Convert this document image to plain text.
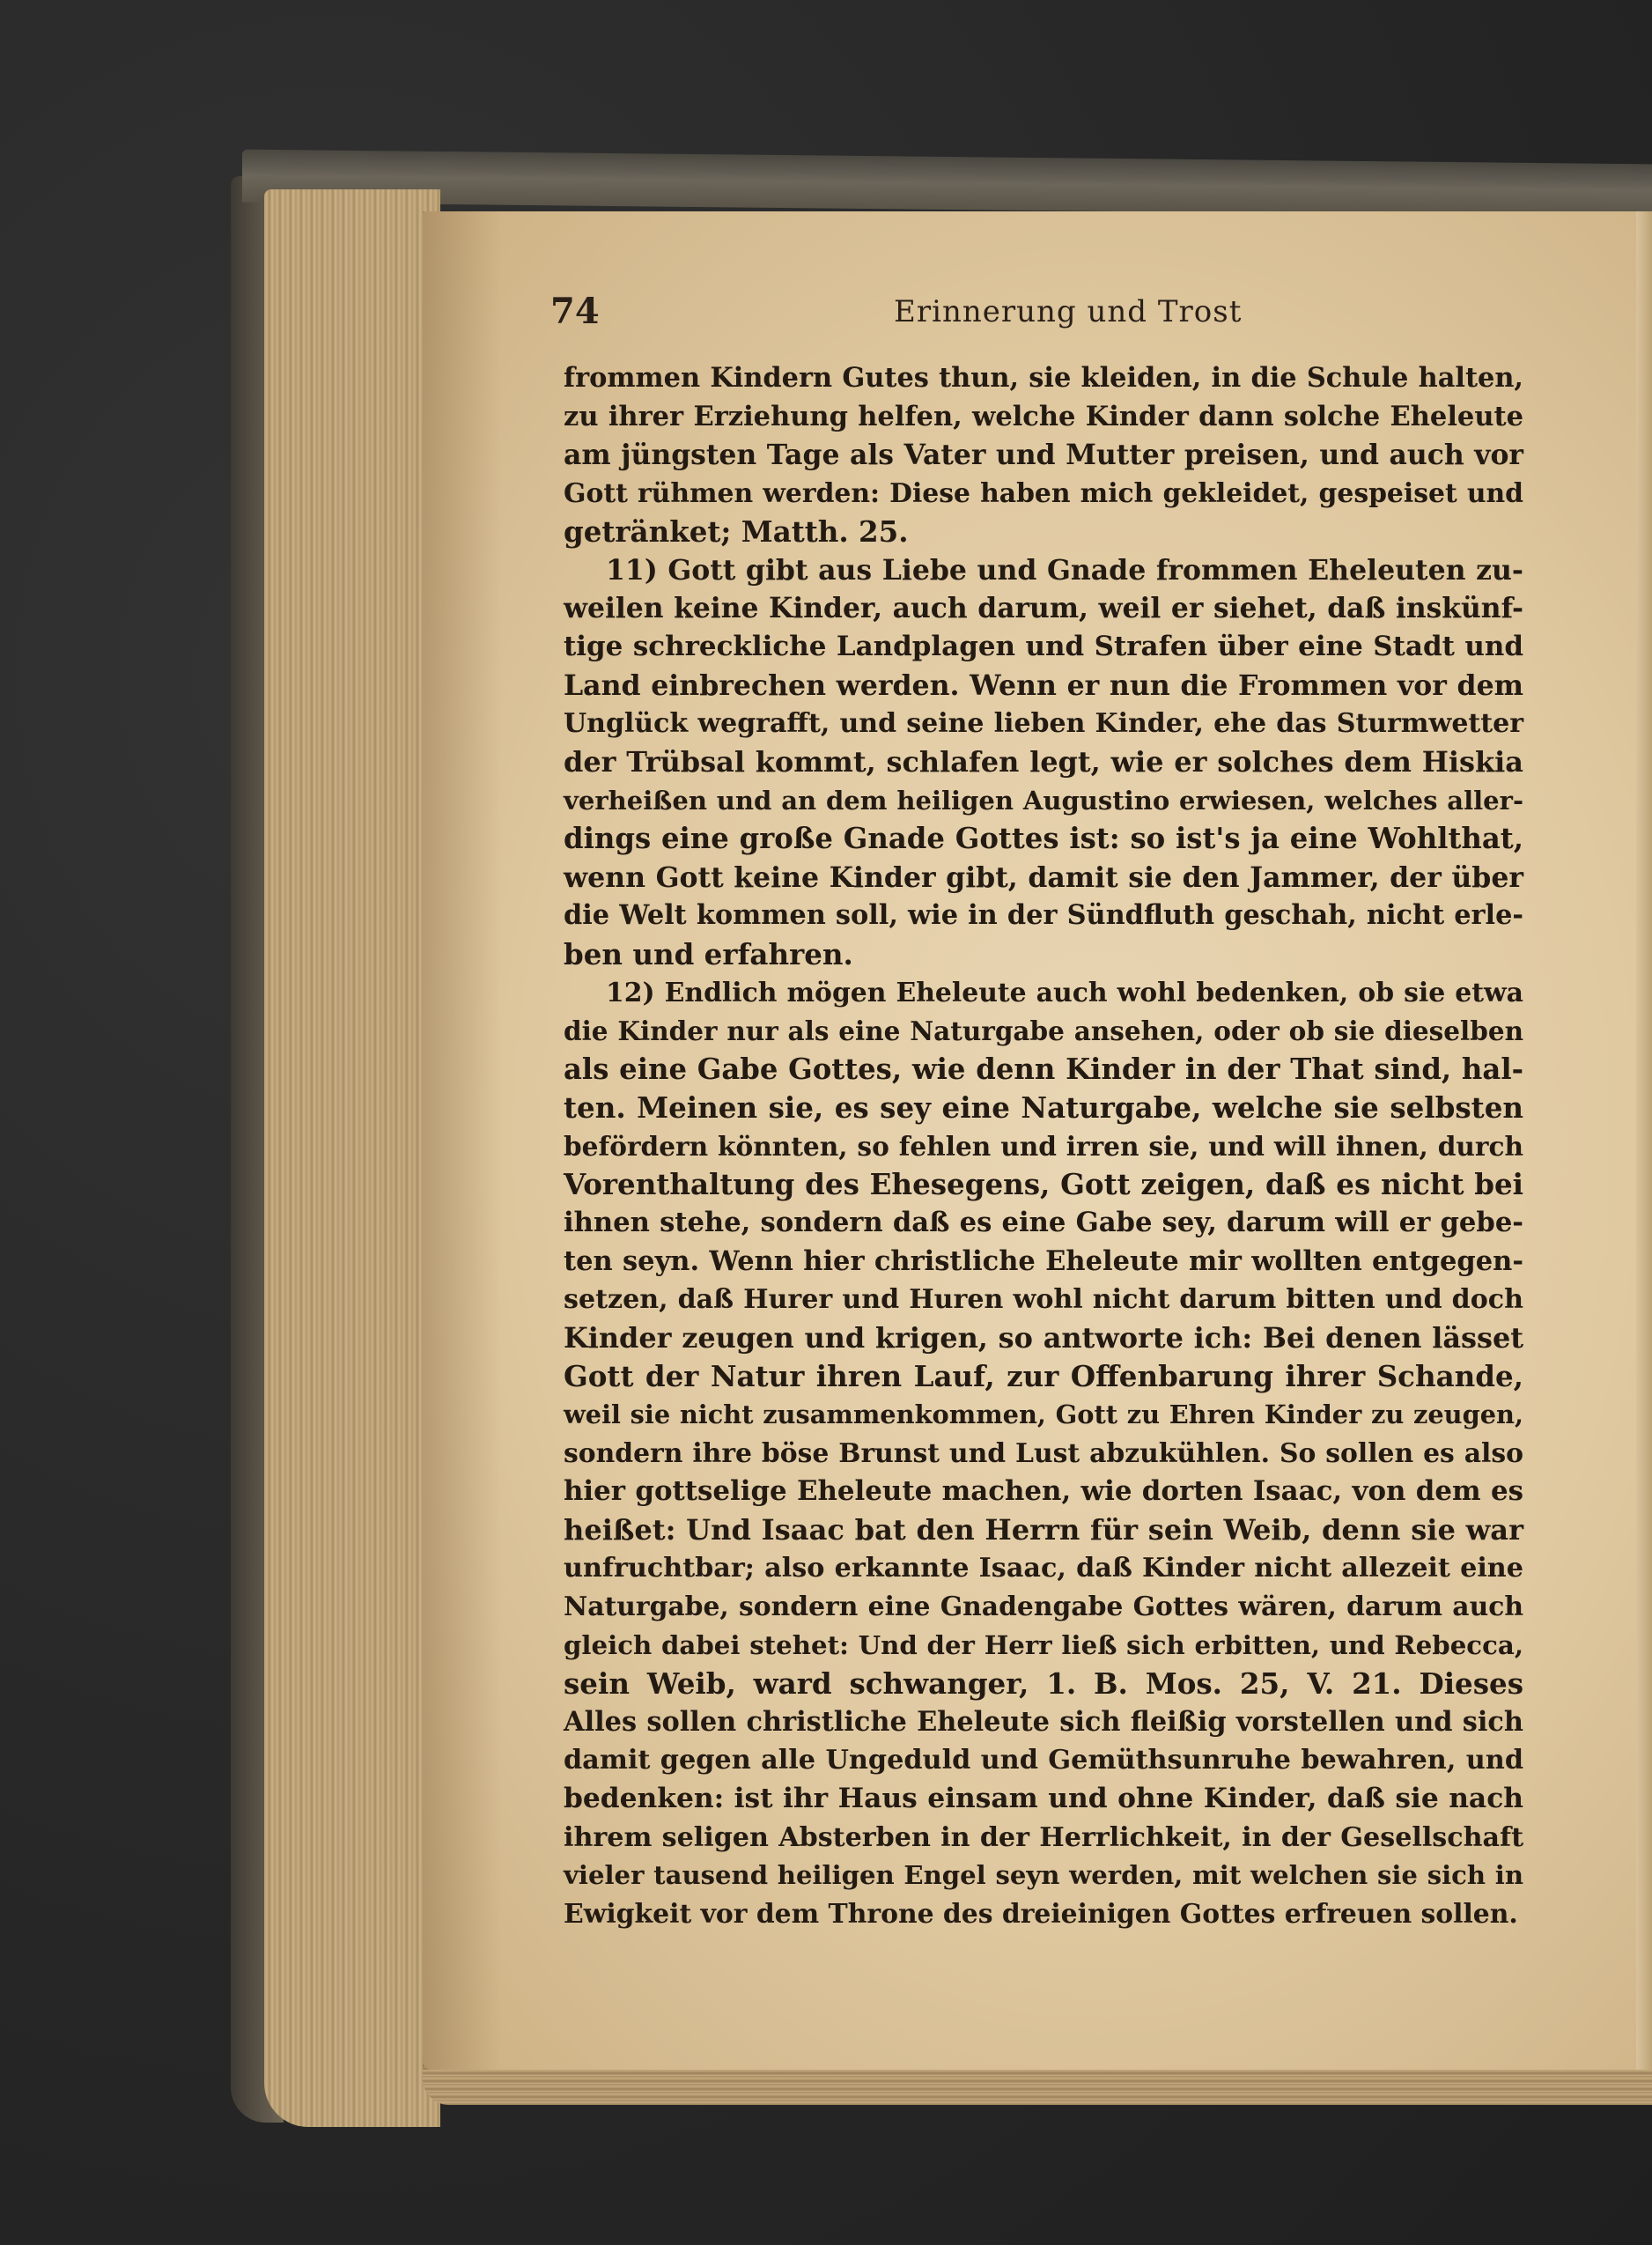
74	Erinnerung und Trost
frommen Kindern Gutes thun, sie kleiden, in die Schule halten,
zu ihrer Erziehung helfen, welche Kinder dann solche Eheleute
am jüngsten Tage als Vater und Mutter preisen, und auch vor
Gott rühmen werden: Diese haben mich gekleidet, gespeiset und
getränket; Matth. 25.
11) Gott gibt aus Liebe und Gnade frommen Eheleuten zu-
weilen keine Kinder, auch darum, weil er siehet, daß inskünf-
tige schreckliche Landplagen und Strafen über eine Stadt und
Land einbrechen werden. Wenn er nun die Frommen vor dem
Unglück wegrafft, und seine lieben Kinder, ehe das Sturmwetter
der Trübsal kommt, schlafen legt, wie er solches dem Hiskia
verheißen und an dem heiligen Augustino erwiesen, welches aller-
dings eine große Gnade Gottes ist: so ist's ja eine Wohlthat,
wenn Gott keine Kinder gibt, damit sie den Jammer, der über
die Welt kommen soll, wie in der Sündfluth geschah, nicht erle-
ben und erfahren.
12) Endlich mögen Eheleute auch wohl bedenken, ob sie etwa
die Kinder nur als eine Naturgabe ansehen, oder ob sie dieselben
als eine Gabe Gottes, wie denn Kinder in der That sind, hal-
ten. Meinen sie, es sey eine Naturgabe, welche sie selbsten
befördern könnten, so fehlen und irren sie, und will ihnen, durch
Vorenthaltung des Ehesegens, Gott zeigen, daß es nicht bei
ihnen stehe, sondern daß es eine Gabe sey, darum will er gebe-
ten seyn. Wenn hier christliche Eheleute mir wollten entgegen-
setzen, daß Hurer und Huren wohl nicht darum bitten und doch
Kinder zeugen und krigen, so antworte ich: Bei denen lässet
Gott der Natur ihren Lauf, zur Offenbarung ihrer Schande,
weil sie nicht zusammenkommen, Gott zu Ehren Kinder zu zeugen,
sondern ihre böse Brunst und Lust abzukühlen. So sollen es also
hier gottselige Eheleute machen, wie dorten Isaac, von dem es
heißet: Und Isaac bat den Herrn für sein Weib, denn sie war
unfruchtbar; also erkannte Isaac, daß Kinder nicht allezeit eine
Naturgabe, sondern eine Gnadengabe Gottes wären, darum auch
gleich dabei stehet: Und der Herr ließ sich erbitten, und Rebecca,
sein Weib, ward schwanger, 1. B. Mos. 25, V. 21. Dieses
Alles sollen christliche Eheleute sich fleißig vorstellen und sich
damit gegen alle Ungeduld und Gemüthsunruhe bewahren, und
bedenken: ist ihr Haus einsam und ohne Kinder, daß sie nach
ihrem seligen Absterben in der Herrlichkeit, in der Gesellschaft
vieler tausend heiligen Engel seyn werden, mit welchen sie sich in
Ewigkeit vor dem Throne des dreieinigen Gottes erfreuen sollen.
